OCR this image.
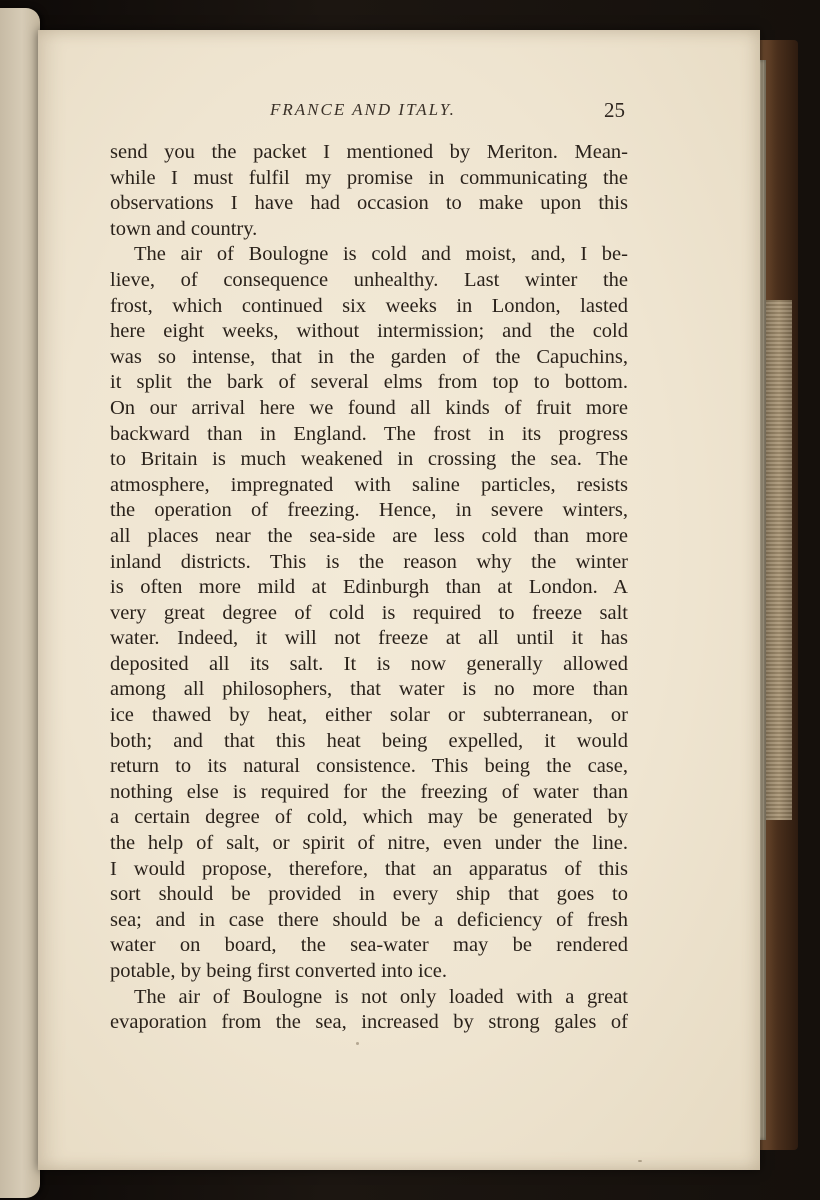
FRANCE AND ITALY.	25
send you the packet I mentioned by Meriton. Mean-
while I must fulfil my promise in communicating the
observations I have had occasion to make upon this
town and country.
The air of Boulogne is cold and moist, and, I be-
lieve, of consequence unhealthy. Last winter the
frost, which continued six weeks in London, lasted
here eight weeks, without intermission; and the cold
was so intense, that in the garden of the Capuchins,
it split the bark of several elms from top to bottom.
On our arrival here we found all kinds of fruit more
backward than in England. The frost in its progress
to Britain is much weakened in crossing the sea. The
atmosphere, impregnated with saline particles, resists
the operation of freezing. Hence, in severe winters,
all places near the sea-side are less cold than more
inland districts. This is the reason why the winter
is often more mild at Edinburgh than at London. A
very great degree of cold is required to freeze salt
water. Indeed, it will not freeze at all until it has
deposited all its salt. It is now generally allowed
among all philosophers, that water is no more than
ice thawed by heat, either solar or subterranean, or
both; and that this heat being expelled, it would
return to its natural consistence. This being the case,
nothing else is required for the freezing of water than
a certain degree of cold, which may be generated by
the help of salt, or spirit of nitre, even under the line.
I would propose, therefore, that an apparatus of this
sort should be provided in every ship that goes to
sea; and in case there should be a deficiency of fresh
water on board, the sea-water may be rendered
potable, by being first converted into ice.
The air of Boulogne is not only loaded with a great
evaporation from the sea, increased by strong gales of
